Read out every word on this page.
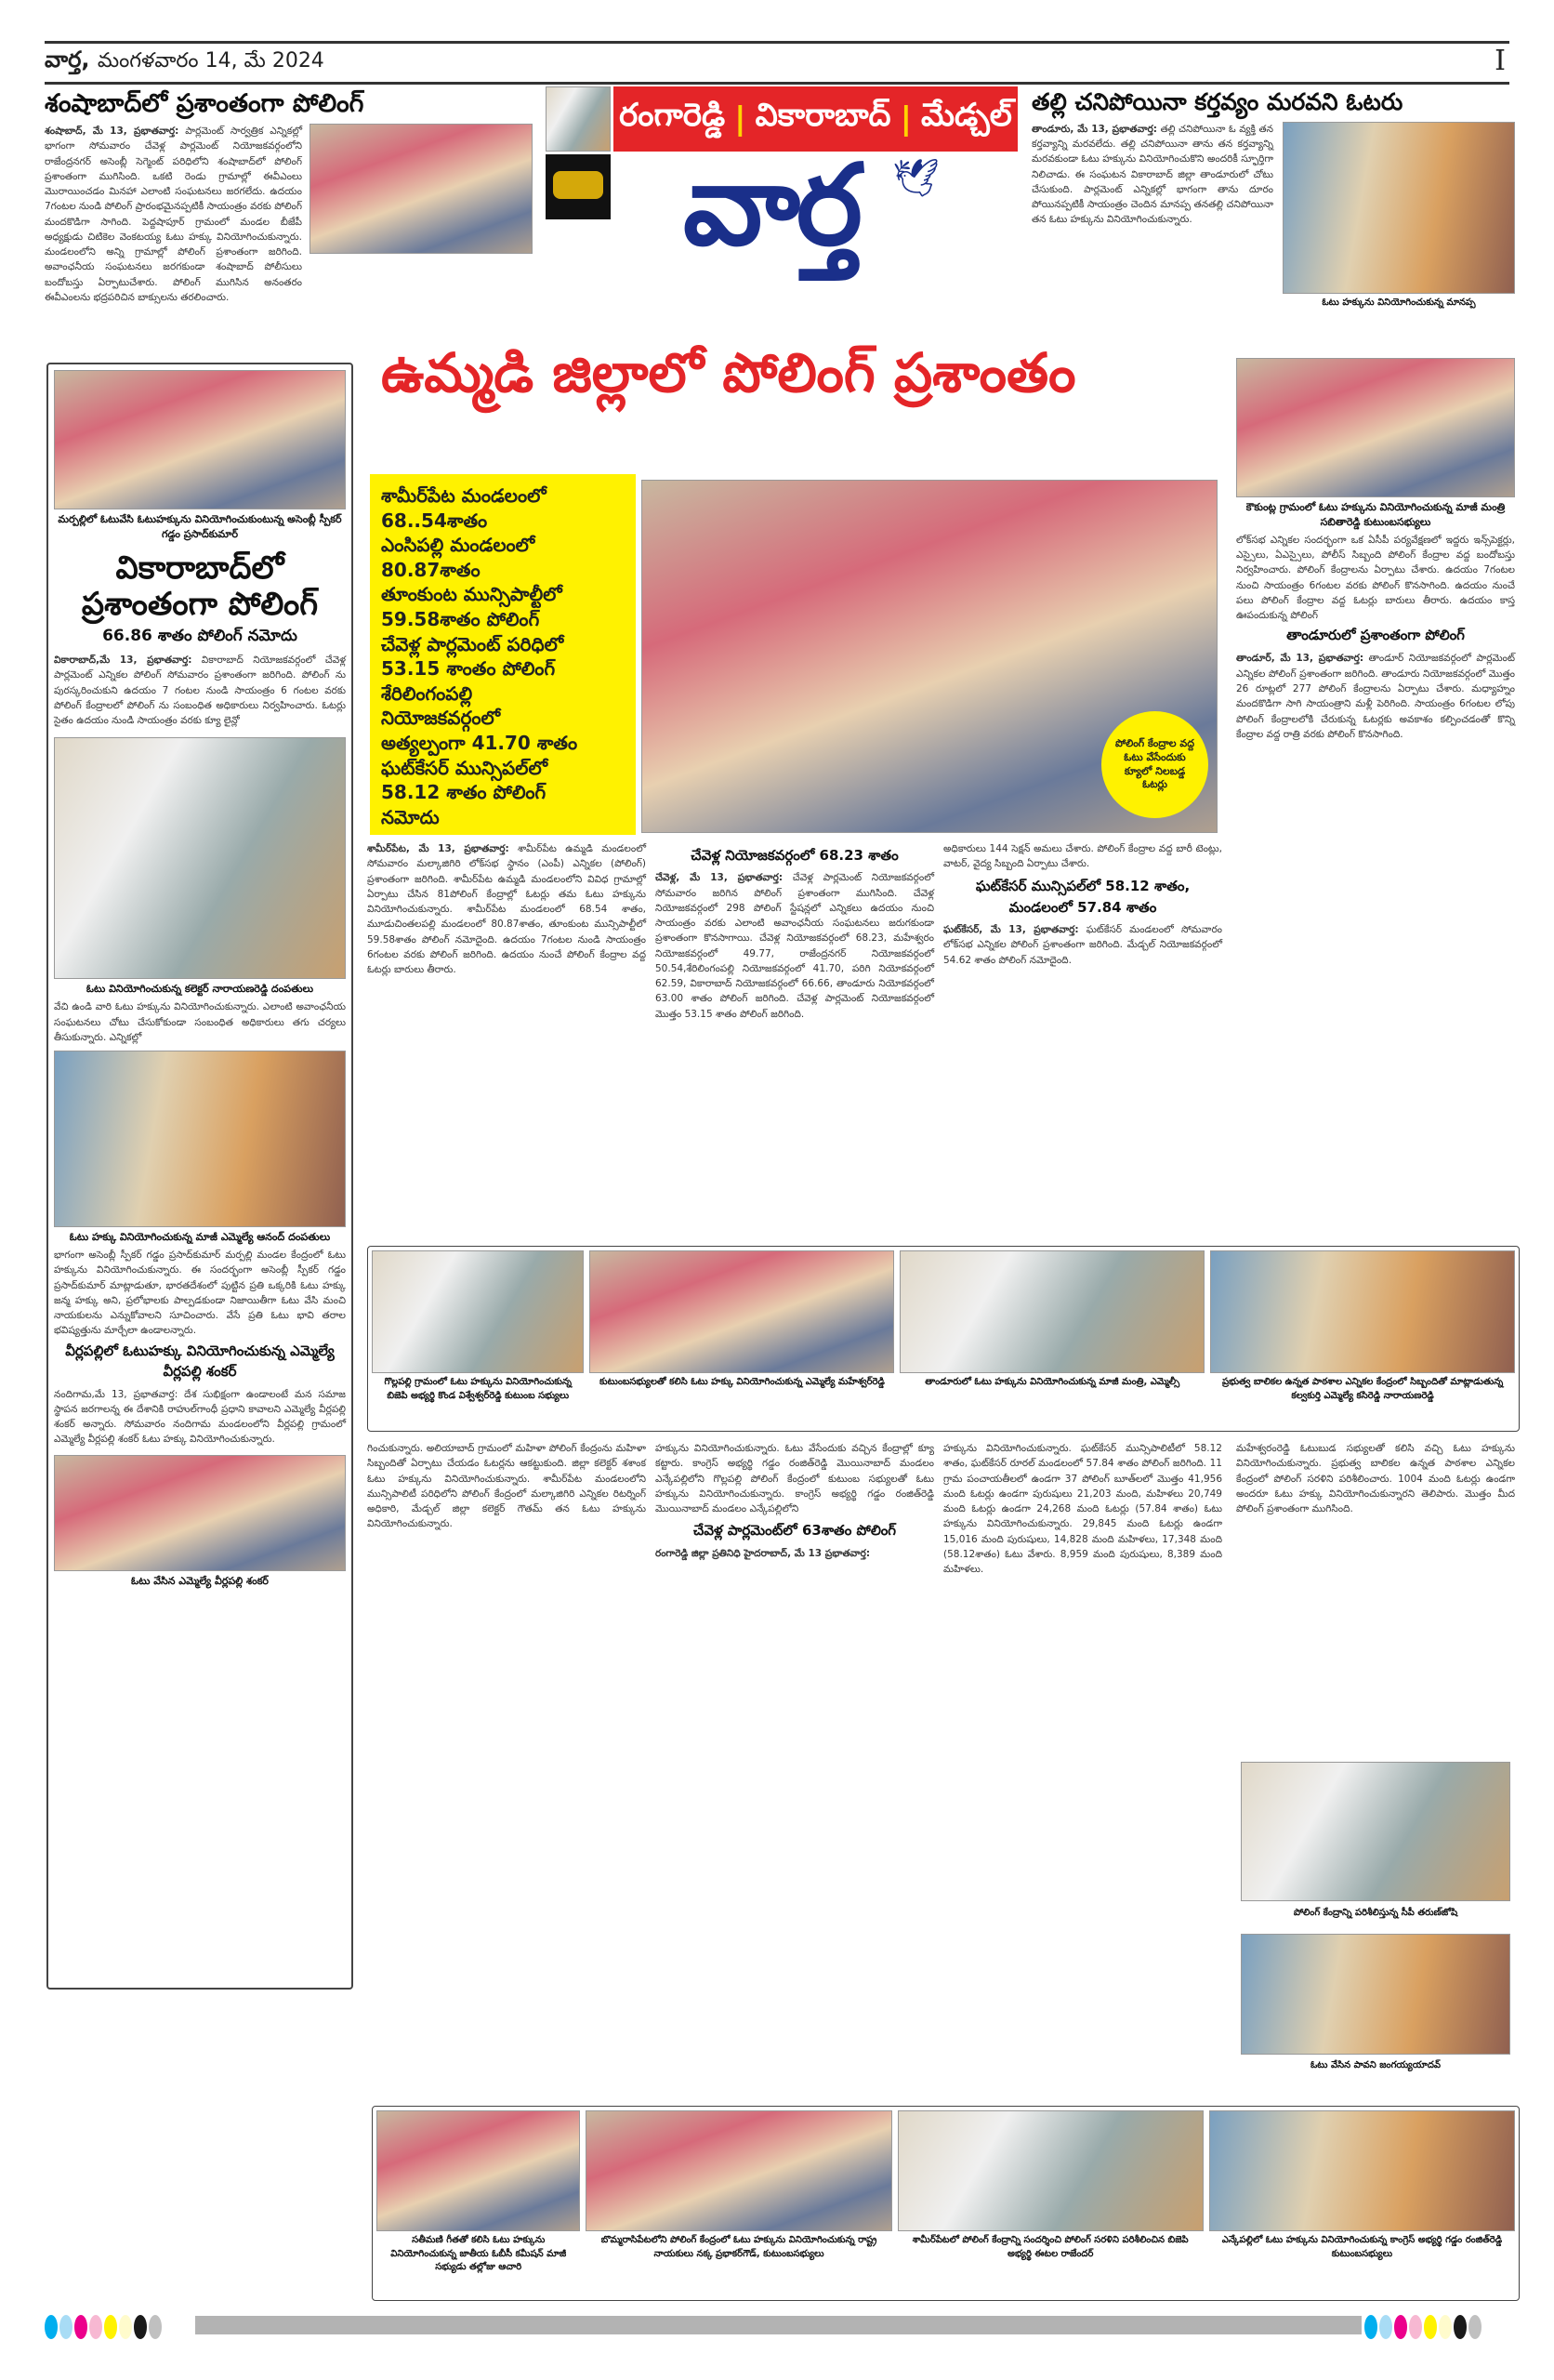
వార్త, మంగళవారం 14, మే 2024	I
శంషాబాద్‌లో ప్రశాంతంగా పోలింగ్
శంషాబాద్, మే 13, ప్రభాతవార్త: పార్లమెంట్ సార్వత్రిక ఎన్నికల్లో భాగంగా సోమవారం చేవెళ్ల పార్లమెంట్ నియోజకవర్గంలోని రాజేంద్రనగర్ అసెంబ్లీ సెగ్మెంట్ పరిధిలోని శంషాబాద్‌లో పోలింగ్ ప్రశాంతంగా ముగిసింది. ఒకటి రెండు గ్రామాల్లో ఈవీఎంలు మొరాయించడం మినహా ఎలాంటి సంఘటనలు జరగలేదు. ఉదయం 7గంటల నుండి పోలింగ్ ప్రారంభమైనప్పటికీ సాయంత్రం వరకు పోలింగ్ మందకొడిగా సాగింది. పెద్దషాపూర్ గ్రామంలో మండల బీజేపీ అధ్యక్షుడు చిటికెల వెంకటయ్య ఓటు హక్కు వినియోగించుకున్నారు. మండలంలోని అన్ని గ్రామాల్లో పోలింగ్ ప్రశాంతంగా జరిగింది. అవాంఛనీయ సంఘటనలు జరగకుండా శంషాబాద్ పోలీసులు బందోబస్తు ఏర్పాటుచేశారు. పోలింగ్ ముగిసిన అనంతరం ఈవీఎంలను భద్రపరిచిన బాక్సులను తరలించారు.
రంగారెడ్డి | వికారాబాద్ | మేడ్చల్
వార్త 🕊
తల్లి చనిపోయినా కర్తవ్యం మరవని ఓటరు
తాండూరు, మే 13, ప్రభాతవార్త: తల్లి చనిపోయినా ఓ వ్యక్తి తన కర్తవ్యాన్ని మరవలేదు. తల్లి చనిపోయినా తాను తన కర్తవ్యాన్ని మరవకుండా ఓటు హక్కును వినియోగించుకొని అందరికీ స్ఫూర్తిగా నిలిచాడు. ఈ సంఘటన వికారాబాద్ జిల్లా తాండూరులో చోటు చేసుకుంది. పార్లమెంట్ ఎన్నికల్లో భాగంగా తాను దూరం పోయినప్పటికీ సాయంత్రం చెందిన మానప్ప తనతల్లి చనిపోయినా తన ఓటు హక్కును వినియోగించుకున్నారు.
ఓటు హక్కును వినియోగించుకున్న మానప్ప
మర్పల్లిలో ఓటువేసి ఓటుహక్కును వినియోగించుకుంటున్న అసెంబ్లీ స్పీకర్ గడ్డం ప్రసాద్‌కుమార్
వికారాబాద్‌లో ప్రశాంతంగా పోలింగ్
66.86 శాతం పోలింగ్ నమోదు
వికారాబాద్,మే 13, ప్రభాతవార్త: వికారాబాద్ నియోజకవర్గంలో చేవెళ్ల పార్లమెంట్ ఎన్నికల పోలింగ్ సోమవారం ప్రశాంతంగా జరిగింది. పోలింగ్ ను పురస్కరించుకుని ఉదయం 7 గంటల నుండి సాయంత్రం 6 గంటల వరకు పోలింగ్ కేంద్రాలలో పోలింగ్ ను సంబంధిత అధికారులు నిర్వహించారు. ఓటర్లు సైతం ఉదయం నుండి సాయంత్రం వరకు క్యూ లైన్లో
ఓటు వినియోగించుకున్న కలెక్టర్ నారాయణరెడ్డి దంపతులు
వేచి ఉండి వారి ఓటు హక్కును వినియోగించుకున్నారు. ఎలాంటి అవాంఛనీయ సంఘటనలు చోటు చేసుకోకుండా సంబంధిత అధికారులు తగు చర్యలు తీసుకున్నారు. ఎన్నికల్లో
ఓటు హక్కు వినియోగించుకున్న మాజీ ఎమ్మెల్యే ఆనంద్ దంపతులు
భాగంగా అసెంబ్లీ స్పీకర్ గడ్డం ప్రసాద్‌కుమార్ మర్పల్లి మండల కేంద్రంలో ఓటు హక్కును వినియోగించుకున్నారు. ఈ సందర్భంగా అసెంబ్లీ స్పీకర్ గడ్డం ప్రసాద్‌కుమార్ మాట్లాడుతూ, భారతదేశంలో పుట్టిన ప్రతి ఒక్కరికి ఓటు హక్కు జన్మ హక్కు అని, ప్రలోభాలకు పాల్పడకుండా నిజాయితీగా ఓటు వేసి మంచి నాయకులను ఎన్నుకోవాలని సూచించారు. వేసే ప్రతి ఓటు భావి తరాల భవిష్యత్తును మార్చేలా ఉండాలన్నారు.
వీర్లపల్లిలో ఓటుహక్కు వినియోగించుకున్న ఎమ్మెల్యే వీర్లపల్లి శంకర్
నందిగామ,మే 13, ప్రభాతవార్త: దేశ సుభిక్షంగా ఉండాలంటే మన సమాజ స్థాపన జరగాలన్న ఈ దేశానికి రాహుల్‌గాంధీ ప్రధాని కావాలని ఎమ్మెల్యే వీర్లపల్లి శంకర్ అన్నారు. సోమవారం నందిగామ మండలంలోని వీర్లపల్లి గ్రామంలో ఎమ్మెల్యే వీర్లపల్లి శంకర్ ఓటు హక్కు వినియోగించుకున్నారు.
ఓటు వేసిన ఎమ్మెల్యే వీర్లపల్లి శంకర్
ఉమ్మడి జిల్లాలో పోలింగ్ ప్రశాంతం
శామీర్‌పేట మండలంలో
68..54శాతం
ఎంసిపల్లి మండలంలో
80.87శాతం
తూంకుంట మున్సిపాల్టీలో
59.58శాతం పోలింగ్
చేవెళ్ల పార్లమెంట్ పరిధిలో
53.15 శాంతం పోలింగ్
శేరిలింగంపల్లి
నియోజకవర్గంలో
అత్యల్పంగా 41.70 శాతం
ఘట్‌కేసర్ మున్సిపల్‌లో
58.12 శాతం పోలింగ్
నమోదు
పోలింగ్ కేంద్రాల వద్ద ఓటు వేసేందుకు క్యూలో నిలబడ్డ ఓటర్లు
శామీర్‌పేట, మే 13, ప్రభాతవార్త: శామీర్‌పేట ఉమ్మడి మండలంలో సోమవారం మల్కాజిగిరి లోక్‌సభ స్థానం (ఎంపీ) ఎన్నికల (పోలింగ్) ప్రశాంతంగా జరిగింది. శామీర్‌పేట ఉమ్మడి మండలంలోని వివిధ గ్రామాల్లో ఏర్పాటు చేసిన 81పోలింగ్ కేంద్రాల్లో ఓటర్లు తమ ఓటు హక్కును వినియోగించుకున్నారు. శామీర్‌పేట మండలంలో 68.54 శాతం, మూడుచింతలపల్లి మండలంలో 80.87శాతం, తూంకుంట మున్సిపాల్టీలో 59.58శాతం పోలింగ్ నమోదైంది. ఉదయం 7గంటల నుండి సాయంత్రం 6గంటల వరకు పోలింగ్ జరిగింది. ఉదయం నుంచే పోలింగ్ కేంద్రాల వద్ద ఓటర్లు బారులు తీరారు.
చేవెళ్ల నియోజకవర్గంలో 68.23 శాతం
చేవెళ్ల, మే 13, ప్రభాతవార్త: చేవెళ్ల పార్లమెంట్ నియోజకవర్గంలో సోమవారం జరిగిన పోలింగ్ ప్రశాంతంగా ముగిసింది. చేవెళ్ల నియోజకవర్గంలో 298 పోలింగ్ స్టేషన్లలో ఎన్నికలు ఉదయం నుంచి సాయంత్రం వరకు ఎలాంటి అవాంఛనీయ సంఘటనలు జరుగకుండా ప్రశాంతంగా కొనసాగాయి. చేవెళ్ల నియోజకవర్గంలో 68.23, మహేశ్వరం నియోజకవర్గంలో 49.77, రాజేంద్రనగర్ నియోజకవర్గంలో 50.54,శేరిలింగంపల్లి నియోజకవర్గంలో 41.70, పరిగి నియోకవర్గంలో 62.59, వికారాబాద్ నియోజకవర్గంలో 66.66, తాండూరు నియోకవర్గంలో 63.00 శాతం పోలింగ్ జరిగింది. చేవెళ్ల పార్లమెంట్ నియోజకవర్గంలో మొత్తం 53.15 శాతం పోలింగ్ జరిగింది.
అధికారులు 144 సెక్షన్ అమలు చేశారు. పోలింగ్ కేంద్రాల వద్ద బారీ టెంట్లు, వాటర్, వైద్య సిబ్బంది ఏర్పాటు చేశారు.
ఘట్‌కేసర్ మున్సిపల్‌లో 58.12 శాతం, మండలంలో 57.84 శాతం
ఘట్‌కేసర్, మే 13, ప్రభాతవార్త: ఘట్‌కేసర్ మండలంలో సోమవారం లోక్‌సభ ఎన్నికల పోలింగ్ ప్రశాంతంగా జరిగింది. మేడ్చల్ నియోజకవర్గంలో 54.62 శాతం పోలింగ్ నమోదైంది.
కౌకుంట్ల గ్రామంలో ఓటు హక్కును వినియోగించుకున్న మాజీ మంత్రి సబితారెడ్డి కుటుంబసభ్యులు
లోక్‌సభ ఎన్నికల సందర్భంగా ఒక ఏసీపీ పర్యవేక్షణలో ఇద్దరు ఇన్స్‌పెక్టర్లు, ఎస్సైలు, ఏఎస్సైలు, పోలీస్ సిబ్బంది పోలింగ్ కేంద్రాల వద్ద బందోబస్తు నిర్వహించారు. పోలింగ్ కేంద్రాలను ఏర్పాటు చేశారు. ఉదయం 7గంటల నుంచి సాయంత్రం 6గంటల వరకు పోలింగ్ కొనసాగింది. ఉదయం నుంచే పలు పోలింగ్ కేంద్రాల వద్ద ఓటర్లు బారులు తీరారు. ఉదయం కాస్త ఊపందుకున్న పోలింగ్
తాండూరులో ప్రశాంతంగా పోలింగ్
తాండూర్, మే 13, ప్రభాతవార్త: తాండూర్ నియోజకవర్గంలో పార్లమెంట్ ఎన్నికల పోలింగ్ ప్రశాంతంగా జరిగింది. తాండూరు నియోజకవర్గంలో మొత్తం 26 రూట్లలో 277 పోలింగ్ కేంద్రాలను ఏర్పాటు చేశారు. మధ్యాహ్నం మందకొడిగా సాగి సాయంత్రాని మళ్లీ పెరిగింది. సాయంత్రం 6గంటల లోపు పోలింగ్ కేంద్రాలలోకి చేరుకున్న ఓటర్లకు అవకాశం కల్పించడంతో కొన్ని కేంద్రాల వద్ద రాత్రి వరకు పోలింగ్ కొనసాగింది.
గొల్లపల్లి గ్రామంలో ఓటు హక్కును వినియోగించుకున్న బిజెపి అభ్యర్థి కొండ విశ్వేశ్వర్‌రెడ్డి కుటుంబ సభ్యులు
కుటుంబసభ్యులతో కలిసి ఓటు హక్కు వినియోగించుకున్న ఎమ్మెల్యే మహేశ్వర్‌రెడ్డి	తాండూరులో ఓటు హక్కును వినియోగించుకున్న మాజీ మంత్రి, ఎమ్మెల్సీ	ప్రభుత్వ బాలికల ఉన్నత పాఠశాల ఎన్నికల కేంద్రంలో సిబ్బందితో మాట్లాడుతున్న కల్వకుర్తి ఎమ్మెల్యే కసిరెడ్డి నారాయణరెడ్డి
గించుకున్నారు. అలియాబాద్ గ్రామంలో మహిళా పోలింగ్ కేంద్రంను మహిళా సిబ్బందితో ఏర్పాటు చేయడం ఓటర్లను ఆకట్టుకుంది. జిల్లా కలెక్టర్ శశాంక ఓటు హక్కును వినియోగించుకున్నారు. శామీర్‌పేట మండలంలోని మున్సిపాలిటీ పరిధిలోని పోలింగ్ కేంద్రంలో మల్కాజిగిరి ఎన్నికల రిటర్నింగ్ అధికారి, మేడ్చల్ జిల్లా కలెక్టర్ గౌతమ్ తన ఓటు హక్కును వినియోగించుకున్నారు.
హక్కును వినియోగించుకున్నారు. ఓటు వేసేందుకు వచ్చిన కేంద్రాల్లో క్యూ కట్టారు. కాంగ్రెస్ అభ్యర్థి గడ్డం రంజిత్‌రెడ్డి మొయినాబాద్ మండలం ఎన్కేపల్లిలోని గొల్లపల్లి పోలింగ్ కేంద్రంలో కుటుంబ సభ్యులతో ఓటు హక్కును వినియోగించుకున్నారు. కాంగ్రెస్ అభ్యర్థి గడ్డం రంజిత్‌రెడ్డి మొయినాబాద్ మండలం ఎన్కేపల్లిలోని
చేవెళ్ల పార్లమెంట్‌లో 63శాతం పోలింగ్
రంగారెడ్డి జిల్లా ప్రతినిధి హైదరాబాద్, మే 13 ప్రభాతవార్త:
హక్కును వినియోగించుకున్నారు. ఘట్‌కేసర్ మున్సిపాలిటీలో 58.12 శాతం, ఘట్‌కేసర్ రూరల్ మండలంలో 57.84 శాతం పోలింగ్ జరిగింది. 11 గ్రామ పంచాయతీలలో ఉండగా 37 పోలింగ్ బూత్‌లలో మొత్తం 41,956 మంది ఓటర్లు ఉండగా పురుషులు 21,203 మంది, మహిళలు 20,749 మంది ఓటర్లు ఉండగా 24,268 మంది ఓటర్లు (57.84 శాతం) ఓటు హక్కును వినియోగించుకున్నారు. 29,845 మంది ఓటర్లు ఉండగా 15,016 మంది పురుషులు, 14,828 మంది మహిళలు, 17,348 మంది (58.12శాతం) ఓటు వేశారు. 8,959 మంది పురుషులు, 8,389 మంది మహిళలు.
మహేశ్వరంరెడ్డి ఓటుబుడ సభ్యులతో కలిసి వచ్చి ఓటు హక్కును వినియోగించుకున్నారు. ప్రభుత్వ బాలికల ఉన్నత పాఠశాల ఎన్నికల కేంద్రంలో పోలింగ్ సరళిని పరిశీలించారు. 1004 మంది ఓటర్లు ఉండగా అందరూ ఓటు హక్కు వినియోగించుకున్నారని తెలిపారు. మొత్తం మీద పోలింగ్ ప్రశాంతంగా ముగిసింది.
పోలింగ్ కేంద్రాన్ని పరిశీలిస్తున్న సీపీ తరుణ్‌జోషి
ఓటు వేసిన పావని జంగయ్యయాదవ్
సతీమణి గీతతో కలిసి ఓటు హక్కును వినియోగించుకున్న జాతీయ ఓబీసీ కమీషన్ మాజీ సభ్యుడు తల్లోజు ఆచారి
బొమ్మరాసిపేటలోని పోలింగ్ కేంద్రంలో ఓటు హక్కును వినియోగించుకున్న రాష్ట్ర నాయకులు నక్క ప్రభాకర్‌గౌడ్, కుటుంబసభ్యులు
శామీర్‌పేటలో పోలింగ్ కేంద్రాన్ని సందర్శించి పోలింగ్ సరళిని పరిశీలించిన బిజెపి అభ్యర్థి ఈటల రాజేందర్
ఎన్కేపల్లిలో ఓటు హక్కును వినియోగించుకున్న కాంగ్రెస్ అభ్యర్థి గడ్డం రంజిత్‌రెడ్డి కుటుంబసభ్యులు
